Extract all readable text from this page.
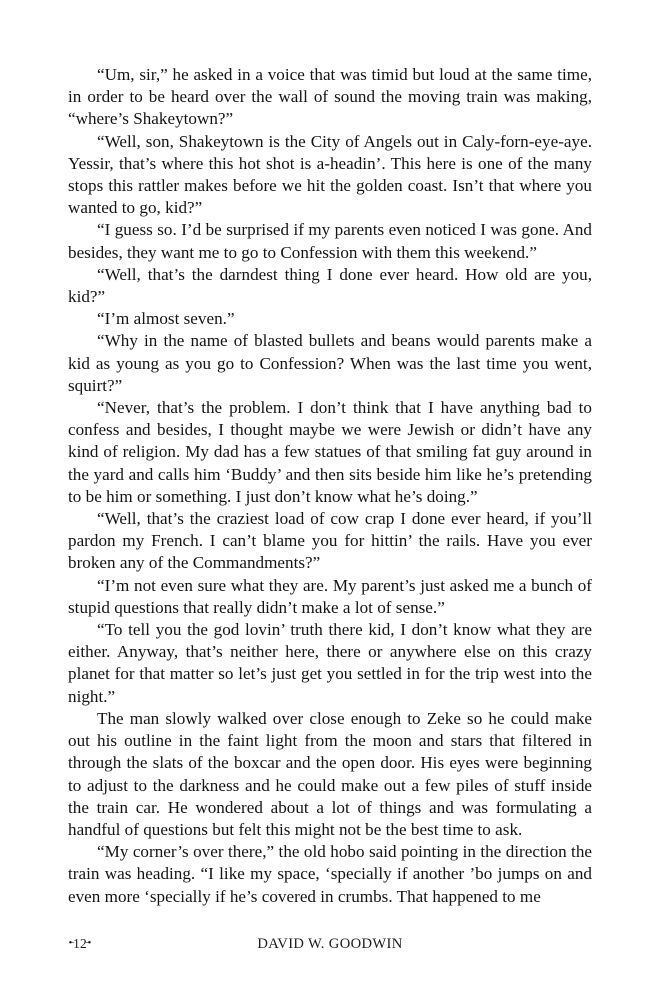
“Um, sir,” he asked in a voice that was timid but loud at the same time, in order to be heard over the wall of sound the moving train was making, “where’s Shakeytown?”

“Well, son, Shakeytown is the City of Angels out in Caly-forn-eye-aye. Yessir, that’s where this hot shot is a-headin’. This here is one of the many stops this rattler makes before we hit the golden coast. Isn’t that where you wanted to go, kid?”

“I guess so. I’d be surprised if my parents even noticed I was gone. And besides, they want me to go to Confession with them this weekend.”

“Well, that’s the darndest thing I done ever heard. How old are you, kid?”

“I’m almost seven.”

“Why in the name of blasted bullets and beans would parents make a kid as young as you go to Confession? When was the last time you went, squirt?”

“Never, that’s the problem. I don’t think that I have anything bad to confess and besides, I thought maybe we were Jewish or didn’t have any kind of religion. My dad has a few statues of that smiling fat guy around in the yard and calls him ‘Buddy’ and then sits beside him like he’s pretending to be him or something. I just don’t know what he’s doing.”

“Well, that’s the craziest load of cow crap I done ever heard, if you’ll pardon my French. I can’t blame you for hittin’ the rails. Have you ever broken any of the Commandments?”

“I’m not even sure what they are. My parent’s just asked me a bunch of stupid questions that really didn’t make a lot of sense.”

“To tell you the god lovin’ truth there kid, I don’t know what they are either. Anyway, that’s neither here, there or anywhere else on this crazy planet for that matter so let’s just get you settled in for the trip west into the night.”

The man slowly walked over close enough to Zeke so he could make out his outline in the faint light from the moon and stars that filtered in through the slats of the boxcar and the open door. His eyes were beginning to adjust to the darkness and he could make out a few piles of stuff inside the train car. He wondered about a lot of things and was formulating a handful of questions but felt this might not be the best time to ask.

“My corner’s over there,” the old hobo said pointing in the direction the train was heading. “I like my space, ‘specially if another ’bo jumps on and even more ‘specially if he’s covered in crumbs. That happened to me

•̵12̵•	DAVID W. GOODWIN
